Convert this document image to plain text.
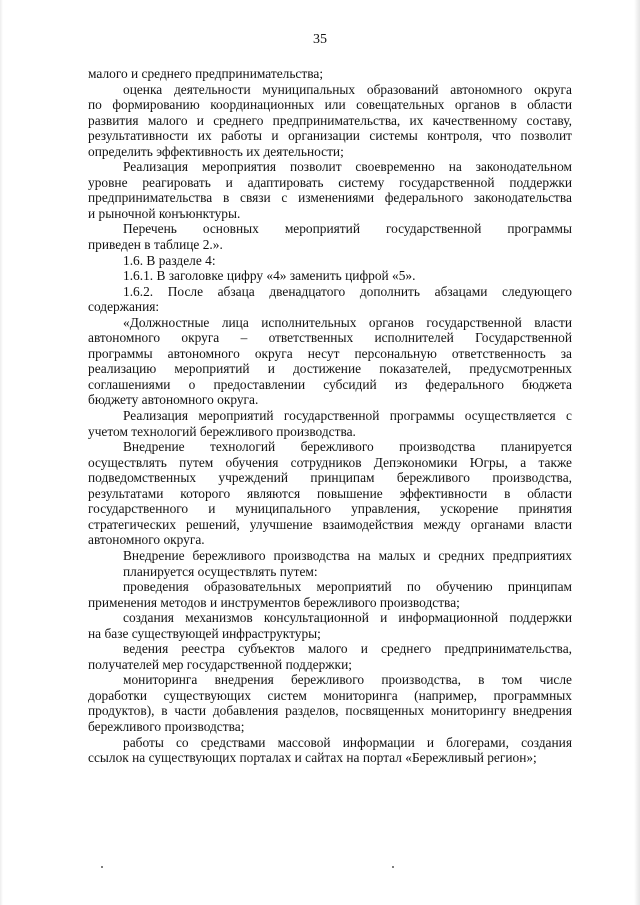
35
малого и среднего предпринимательства;
оценка деятельности муниципальных образований автономного округа
по формированию координационных или совещательных органов в области
развития малого и среднего предпринимательства, их качественному составу,
результативности их работы и организации системы контроля, что позволит
определить эффективность их деятельности;
Реализация мероприятия позволит своевременно на законодательном
уровне реагировать и адаптировать систему государственной поддержки
предпринимательства в связи с изменениями федерального законодательства
и рыночной конъюнктуры.
Перечень основных мероприятий государственной программы
приведен в таблице 2.».
1.6. В разделе 4:
1.6.1. В заголовке цифру «4» заменить цифрой «5».
1.6.2. После абзаца двенадцатого дополнить абзацами следующего
содержания:
«Должностные лица исполнительных органов государственной власти
автономного округа – ответственных исполнителей Государственной
программы автономного округа несут персональную ответственность за
реализацию мероприятий и достижение показателей, предусмотренных
соглашениями о предоставлении субсидий из федерального бюджета
бюджету автономного округа.
Реализация мероприятий государственной программы осуществляется с
учетом технологий бережливого производства.
Внедрение технологий бережливого производства планируется
осуществлять путем обучения сотрудников Депэкономики Югры, а также
подведомственных учреждений принципам бережливого производства,
результатами которого являются повышение эффективности в области
государственного и муниципального управления, ускорение принятия
стратегических решений, улучшение взаимодействия между органами власти
автономного округа.
Внедрение бережливого производства на малых и средних предприятиях
планируется осуществлять путем:
проведения образовательных мероприятий по обучению принципам
применения методов и инструментов бережливого производства;
создания механизмов консультационной и информационной поддержки
на базе существующей инфраструктуры;
ведения реестра субъектов малого и среднего предпринимательства,
получателей мер государственной поддержки;
мониторинга внедрения бережливого производства, в том числе
доработки существующих систем мониторинга (например, программных
продуктов), в части добавления разделов, посвященных мониторингу внедрения
бережливого производства;
работы со средствами массовой информации и блогерами, создания
ссылок на существующих порталах и сайтах на портал «Бережливый регион»;
